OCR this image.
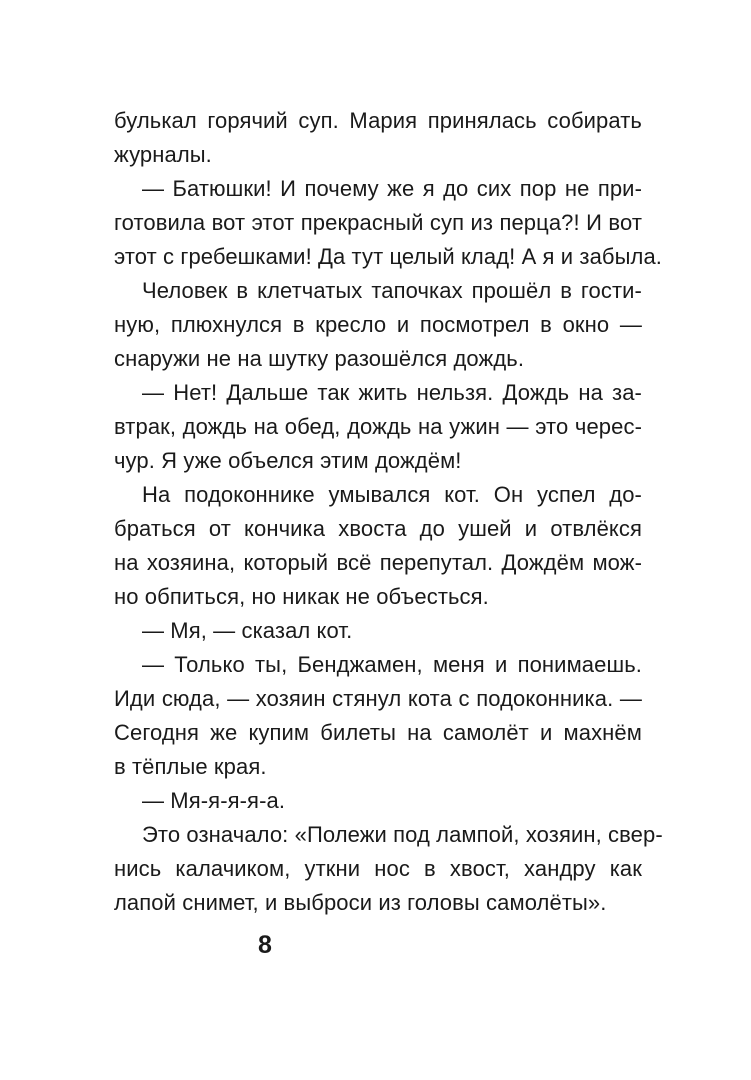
булькал горячий суп. Мария принялась собирать
журналы.
— Батюшки! И почему же я до сих пор не при-
готовила вот этот прекрасный суп из перца?! И вот
этот с гребешками! Да тут целый клад! А я и забыла.
Человек в клетчатых тапочках прошёл в гости-
ную, плюхнулся в кресло и посмотрел в окно —
снаружи не на шутку разошёлся дождь.
— Нет! Дальше так жить нельзя. Дождь на за-
втрак, дождь на обед, дождь на ужин — это черес-
чур. Я уже объелся этим дождём!
На подоконнике умывался кот. Он успел до-
браться от кончика хвоста до ушей и отвлёкся
на хозяина, который всё перепутал. Дождём мож-
но обпиться, но никак не объесться.
— Мя, — сказал кот.
— Только ты, Бенджамен, меня и понимаешь.
Иди сюда, — хозяин стянул кота с подоконника. —
Сегодня же купим билеты на самолёт и махнём
в тёплые края.
— Мя-я-я-я-а.
Это означало: «Полежи под лампой, хозяин, свер-
нись калачиком, уткни нос в хвост, хандру как
лапой снимет, и выброси из головы самолёты».
8
